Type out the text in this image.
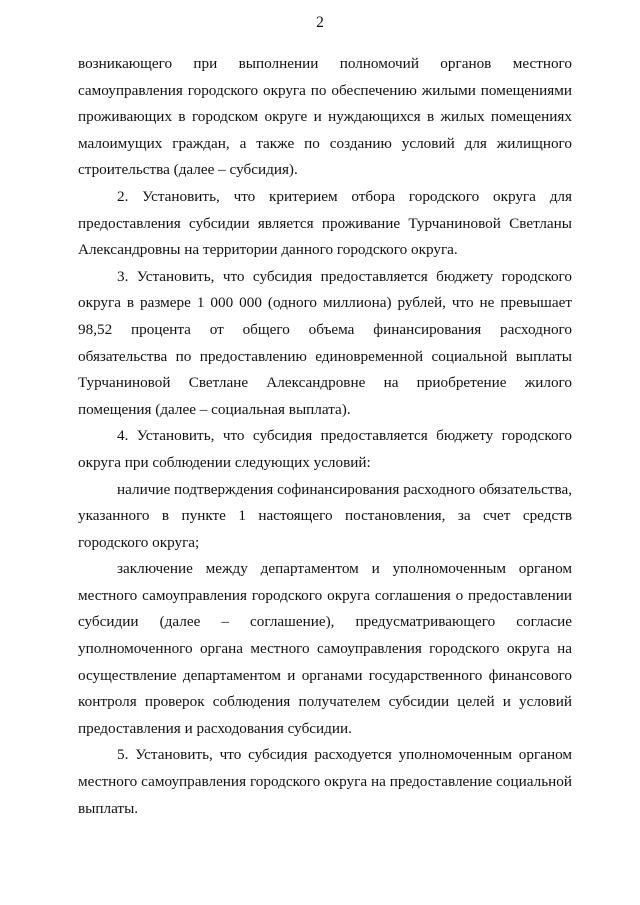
2

возникающего при выполнении полномочий органов местного самоуправления городского округа по обеспечению жилыми помещениями проживающих в городском округе и нуждающихся в жилых помещениях малоимущих граждан, а также по созданию условий для жилищного строительства (далее – субсидия).

2. Установить, что критерием отбора городского округа для предоставления субсидии является проживание Турчаниновой Светланы Александровны на территории данного городского округа.

3. Установить, что субсидия предоставляется бюджету городского округа в размере 1 000 000 (одного миллиона) рублей, что не превышает 98,52 процента от общего объема финансирования расходного обязательства по предоставлению единовременной социальной выплаты Турчаниновой Светлане Александровне на приобретение жилого помещения (далее – социальная выплата).

4. Установить, что субсидия предоставляется бюджету городского округа при соблюдении следующих условий:

наличие подтверждения софинансирования расходного обязательства, указанного в пункте 1 настоящего постановления, за счет средств городского округа;

заключение между департаментом и уполномоченным органом местного самоуправления городского округа соглашения о предоставлении субсидии (далее – соглашение), предусматривающего согласие уполномоченного органа местного самоуправления городского округа на осуществление департаментом и органами государственного финансового контроля проверок соблюдения получателем субсидии целей и условий предоставления и расходования субсидии.

5. Установить, что субсидия расходуется уполномоченным органом местного самоуправления городского округа на предоставление социальной выплаты.
